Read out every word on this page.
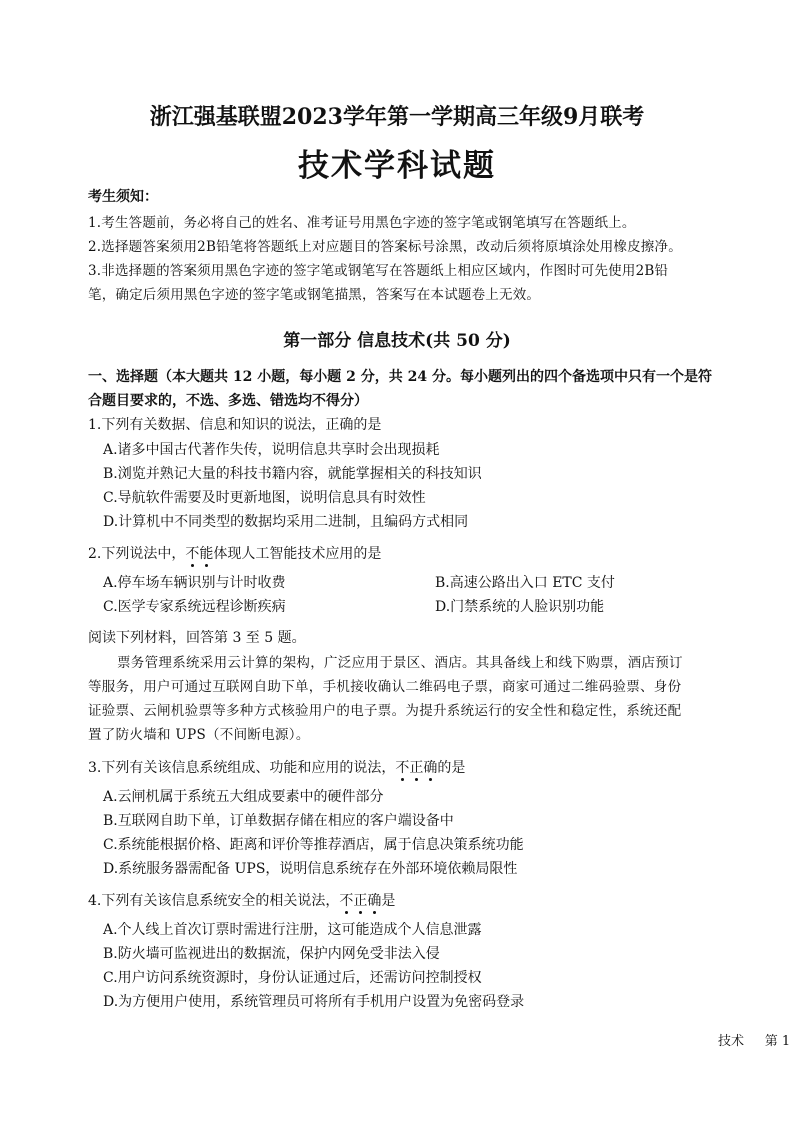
浙江强基联盟2023学年第一学期高三年级9月联考
技术学科试题
考生须知：
1.考生答题前，务必将自己的姓名、准考证号用黑色字迹的签字笔或钢笔填写在答题纸上。
2.选择题答案须用2B铅笔将答题纸上对应题目的答案标号涂黑，改动后须将原填涂处用橡皮擦净。
3.非选择题的答案须用黑色字迹的签字笔或钢笔写在答题纸上相应区域内，作图时可先使用2B铅
笔，确定后须用黑色字迹的签字笔或钢笔描黑，答案写在本试题卷上无效。
第一部分 信息技术(共 50 分)
一、选择题（本大题共 12 小题，每小题 2 分，共 24 分。每小题列出的四个备选项中只有一个是符
合题目要求的，不选、多选、错选均不得分）
1.下列有关数据、信息和知识的说法，正确的是
A.诸多中国古代著作失传，说明信息共享时会出现损耗
B.浏览并熟记大量的科技书籍内容，就能掌握相关的科技知识
C.导航软件需要及时更新地图，说明信息具有时效性
D.计算机中不同类型的数据均采用二进制，且编码方式相同
2.下列说法中，不
能
体现人工智能技术应用的是
A.停车场车辆识别与计时收费	B.高速公路出入口 ETC 支付
C.医学专家系统远程诊断疾病	D.门禁系统的人脸识别功能
阅读下列材料，回答第 3 至 5 题。
票务管理系统采用云计算的架构，广泛应用于景区、酒店。其具备线上和线下购票，酒店预订
等服务，用户可通过互联网自助下单，手机接收确认二维码电子票，商家可通过二维码验票、身份
证验票、云闸机验票等多种方式核验用户的电子票。为提升系统运行的安全性和稳定性，系统还配
置了防火墙和 UPS（不间断电源）。
3.下列有关该信息系统组成、功能和应用的说法，不
正
确
的是
A.云闸机属于系统五大组成要素中的硬件部分
B.互联网自助下单，订单数据存储在相应的客户端设备中
C.系统能根据价格、距离和评价等推荐酒店，属于信息决策系统功能
D.系统服务器需配备 UPS，说明信息系统存在外部环境依赖局限性
4.下列有关该信息系统安全的相关说法，不
正
确
是
A.个人线上首次订票时需进行注册，这可能造成个人信息泄露
B.防火墙可监视进出的数据流，保护内网免受非法入侵
C.用户访问系统资源时，身份认证通过后，还需访问控制授权
D.为方便用户使用，系统管理员可将所有手机用户设置为免密码登录
技术 第 1
